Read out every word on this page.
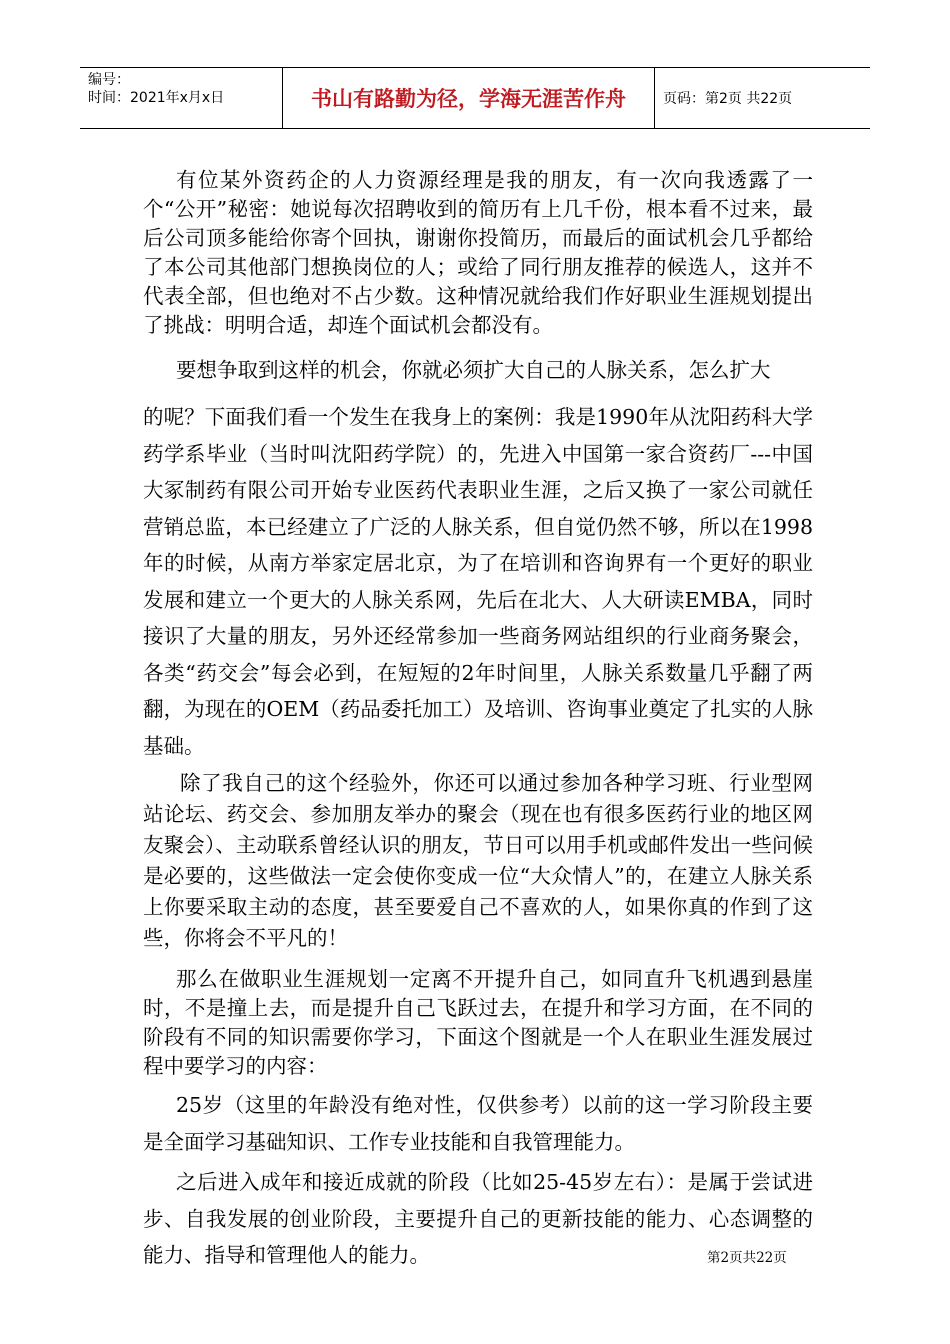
编号：
时间：2021年x月x日	书山有路勤为径，学海无涯苦作舟	页码：第2页 共22页

有位某外资药企的人力资源经理是我的朋友，有一次向我透露了一个“公开”秘密：她说每次招聘收到的简历有上几千份，根本看不过来，最后公司顶多能给你寄个回执，谢谢你投简历，而最后的面试机会几乎都给了本公司其他部门想换岗位的人；或给了同行朋友推荐的候选人，这并不代表全部，但也绝对不占少数。这种情况就给我们作好职业生涯规划提出了挑战：明明合适，却连个面试机会都没有。

要想争取到这样的机会，你就必须扩大自己的人脉关系，怎么扩大

的呢？下面我们看一个发生在我身上的案例：我是1990年从沈阳药科大学药学系毕业（当时叫沈阳药学院）的，先进入中国第一家合资药厂---中国大冢制药有限公司开始专业医药代表职业生涯，之后又换了一家公司就任营销总监，本已经建立了广泛的人脉关系，但自觉仍然不够，所以在1998年的时候，从南方举家定居北京，为了在培训和咨询界有一个更好的职业发展和建立一个更大的人脉关系网，先后在北大、人大研读EMBA，同时接识了大量的朋友，另外还经常参加一些商务网站组织的行业商务聚会，各类“药交会”每会必到，在短短的2年时间里，人脉关系数量几乎翻了两翻，为现在的OEM（药品委托加工）及培训、咨询事业奠定了扎实的人脉基础。

除了我自己的这个经验外，你还可以通过参加各种学习班、行业型网站论坛、药交会、参加朋友举办的聚会（现在也有很多医药行业的地区网友聚会）、主动联系曾经认识的朋友，节日可以用手机或邮件发出一些问候是必要的，这些做法一定会使你变成一位“大众情人”的，在建立人脉关系上你要采取主动的态度，甚至要爱自己不喜欢的人，如果你真的作到了这些，你将会不平凡的！

那么在做职业生涯规划一定离不开提升自己，如同直升飞机遇到悬崖时，不是撞上去，而是提升自己飞跃过去，在提升和学习方面，在不同的阶段有不同的知识需要你学习，下面这个图就是一个人在职业生涯发展过程中要学习的内容：

25岁（这里的年龄没有绝对性，仅供参考）以前的这一学习阶段主要是全面学习基础知识、工作专业技能和自我管理能力。

之后进入成年和接近成就的阶段（比如25-45岁左右）：是属于尝试进步、自我发展的创业阶段，主要提升自己的更新技能的能力、心态调整的能力、指导和管理他人的能力。	第2页共22页
